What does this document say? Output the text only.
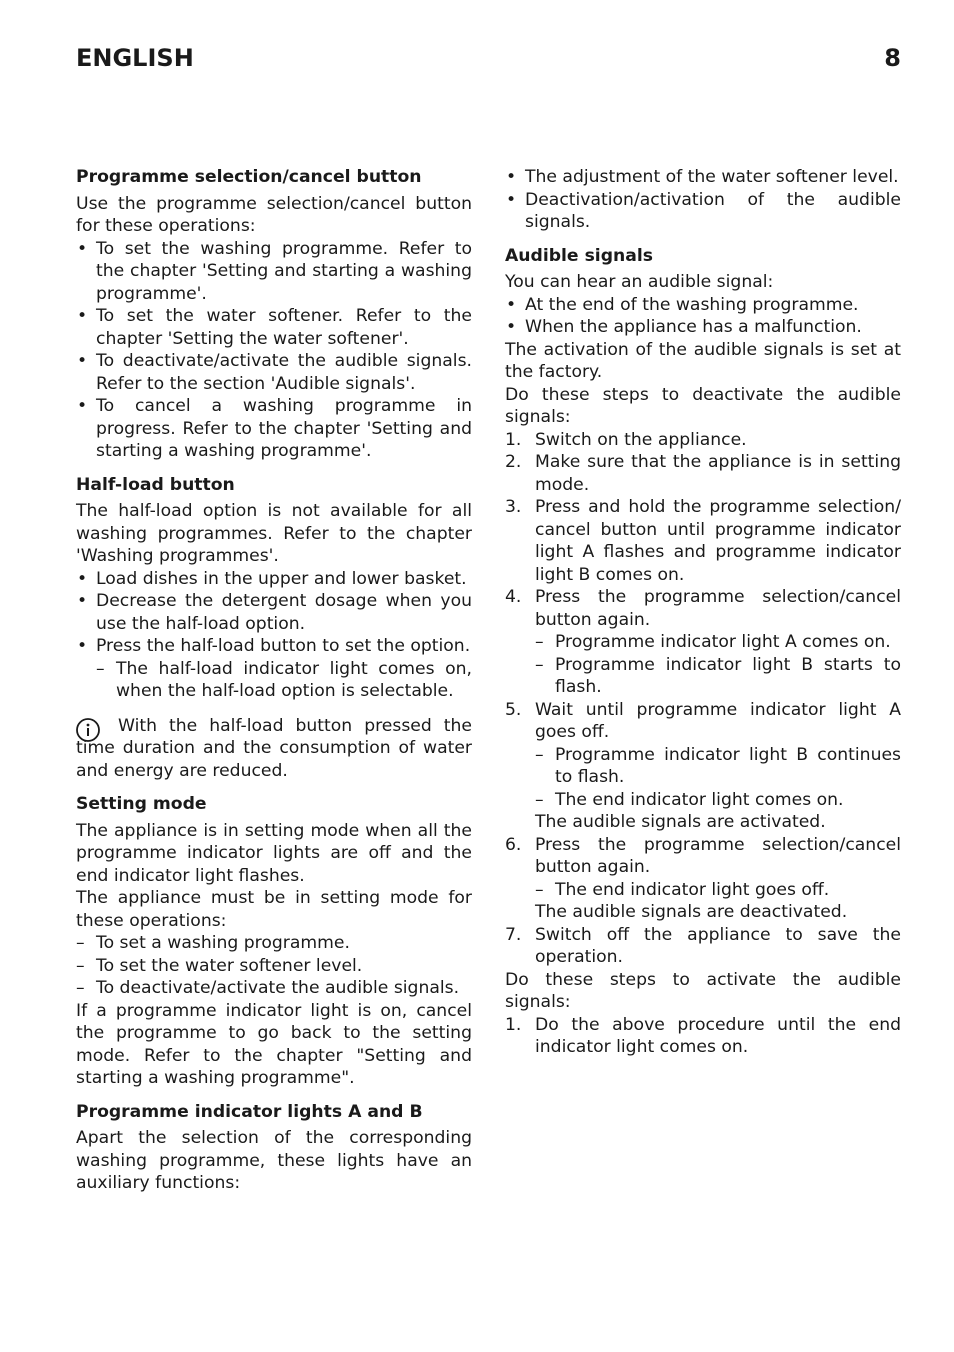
ENGLISH	8
Programme selection/cancel button

Use the programme selection/cancel button for these operations:

• To set the washing programme. Refer to the chapter 'Setting and starting a washing programme'.
• To set the water softener. Refer to the chapter 'Setting the water softener'.
• To deactivate/activate the audible signals. Refer to the section 'Audible signals'.
• To cancel a washing programme in progress. Refer to the chapter 'Setting and starting a washing programme'.
Half-load button

The half-load option is not available for all washing programmes. Refer to the chapter 'Washing programmes'.

• Load dishes in the upper and lower basket.
• Decrease the detergent dosage when you use the half-load option.
• Press the half-load button to set the option.
– The half-load indicator light comes on, when the half-load option is selectable.
With the half-load button pressed the time duration and the consumption of water and energy are reduced.
Setting mode

The appliance is in setting mode when all the programme indicator lights are off and the end indicator light flashes.

The appliance must be in setting mode for these operations:

– To set a washing programme.
– To set the water softener level.
– To deactivate/activate the audible signals.

If a programme indicator light is on, cancel the programme to go back to the setting mode. Refer to the chapter "Setting and starting a washing programme".

Programme indicator lights A and B

Apart the selection of the corresponding washing programme, these lights have an auxiliary functions:

• The adjustment of the water softener level.
• Deactivation/activation of the audible signals.
Audible signals

You can hear an audible signal:

• At the end of the washing programme.
• When the appliance has a malfunction.

The activation of the audible signals is set at the factory.

Do these steps to deactivate the audible signals:

1. Switch on the appliance.
2. Make sure that the appliance is in setting mode.
3. Press and hold the programme selection/ cancel button until programme indicator light A flashes and programme indicator light B comes on.
4. Press the programme selection/cancel button again.
– Programme indicator light A comes on.
– Programme indicator light B starts to flash.
5. Wait until programme indicator light A goes off.
– Programme indicator light B continues to flash.
– The end indicator light comes on.
The audible signals are activated.
6. Press the programme selection/cancel button again.
– The end indicator light goes off.
The audible signals are deactivated.
7. Switch off the appliance to save the operation.

Do these steps to activate the audible signals:

1. Do the above procedure until the end indicator light comes on.
